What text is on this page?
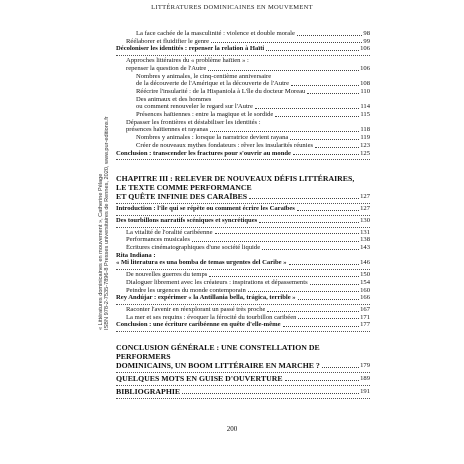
LITTÉRATURES DOMINICAINES EN MOUVEMENT
« Littératures dominicaines en mouvement », Catherine Pélage ISBN 978-2-7535-7896-8 Presses universitaires de Rennes, 2020, www.pur-editions.fr
La face cachée de la masculinité : violence et double morale	98
Réélaborer et fluidifier le genre	99
Décoloniser les identités : repenser la relation à Haïti	106
Approches littéraires du « problème haïtien » :
repenser la question de l'Autre	106
Nombres y animales, le cinq-centième anniversaire
de la découverte de l'Amérique et la découverte de l'Autre	108
Réécrire l'insularité : de la Hispaniola à L'île du docteur Moreau	110
Des animaux et des hommes
ou comment renouveler le regard sur l'Autre	114
Présences haïtiennes : entre la magique et le sordide	115
Dépasser les frontières et déstabiliser les identités :
présences haïtiennes et rayanas	118
Nombres y animales : lorsque la narratrice devient rayana	119
Créer de nouveaux mythes fondateurs : rêver les insularités réunies	123
Conclusion : transcender les fractures pour s'ouvrir au monde	125
CHAPITRE III : RELEVER DE NOUVEAUX DÉFIS LITTÉRAIRES,
LE TEXTE COMME PERFORMANCE
ET QUÊTE INFINIE DES CARAÏBES	127
Introduction : l'île qui se répète ou comment écrire les Caraïbes	127
Des tourbillons narratifs scéniques et syncrétiques	130
La vitalité de l'oralité caribéenne	131
Performances musicales	138
Écritures cinématographiques d'une société liquide	143
Rita Indiana :
« Mi literatura es una bomba de temas urgentes del Caribe »	146
De nouvelles guerres du temps	150
Dialoguer librement avec les créateurs : inspirations et dépassements	154
Peindre les urgences du monde contemporain	160
Rey Andújar : expérimer « la Antillania bella, trágica, terrible »	166
Raconter l'avenir en réexplorant un passé très proche	167
La mer et ses requins : évoquer la férocité du tourbillon caribéen	171
Conclusion : une écriture caribéenne en quête d'elle-même	177
CONCLUSION GÉNÉRALE : UNE CONSTELLATION DE PERFORMERS
DOMINICAINS, UN BOOM LITTÉRAIRE EN MARCHE ?	179
QUELQUES MOTS EN GUISE D'OUVERTURE	189
BIBLIOGRAPHIE	191
200
